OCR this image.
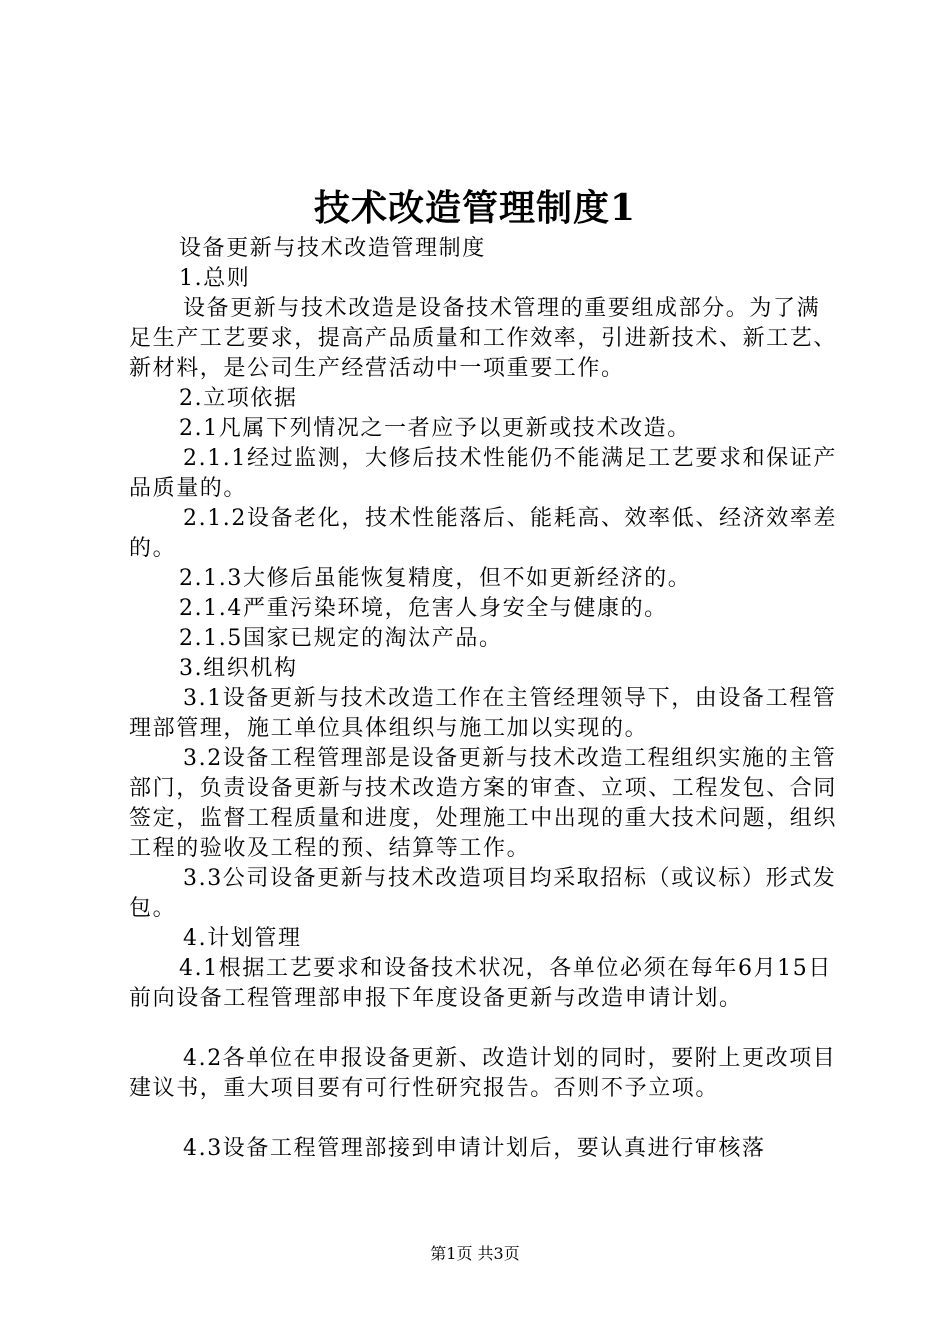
技术改造管理制度1

设备更新与技术改造管理制度

1.总则

设备更新与技术改造是设备技术管理的重要组成部分。为了满足生产工艺要求，提高产品质量和工作效率，引进新技术、新工艺、新材料，是公司生产经营活动中一项重要工作。

2.立项依据

2.1凡属下列情况之一者应予以更新或技术改造。

2.1.1经过监测，大修后技术性能仍不能满足工艺要求和保证产品质量的。

2.1.2设备老化，技术性能落后、能耗高、效率低、经济效率差的。

2.1.3大修后虽能恢复精度，但不如更新经济的。

2.1.4严重污染环境，危害人身安全与健康的。

2.1.5国家已规定的淘汰产品。

3.组织机构

3.1设备更新与技术改造工作在主管经理领导下，由设备工程管理部管理，施工单位具体组织与施工加以实现的。

3.2设备工程管理部是设备更新与技术改造工程组织实施的主管部门，负责设备更新与技术改造方案的审查、立项、工程发包、合同签定，监督工程质量和进度，处理施工中出现的重大技术问题，组织工程的验收及工程的预、结算等工作。

3.3公司设备更新与技术改造项目均采取招标（或议标）形式发包。

4.计划管理

4.1根据工艺要求和设备技术状况，各单位必须在每年6月15日前向设备工程管理部申报下年度设备更新与改造申请计划。

4.2各单位在申报设备更新、改造计划的同时，要附上更改项目建议书，重大项目要有可行性研究报告。否则不予立项。

4.3设备工程管理部接到申请计划后，要认真进行审核落

第1页 共3页
